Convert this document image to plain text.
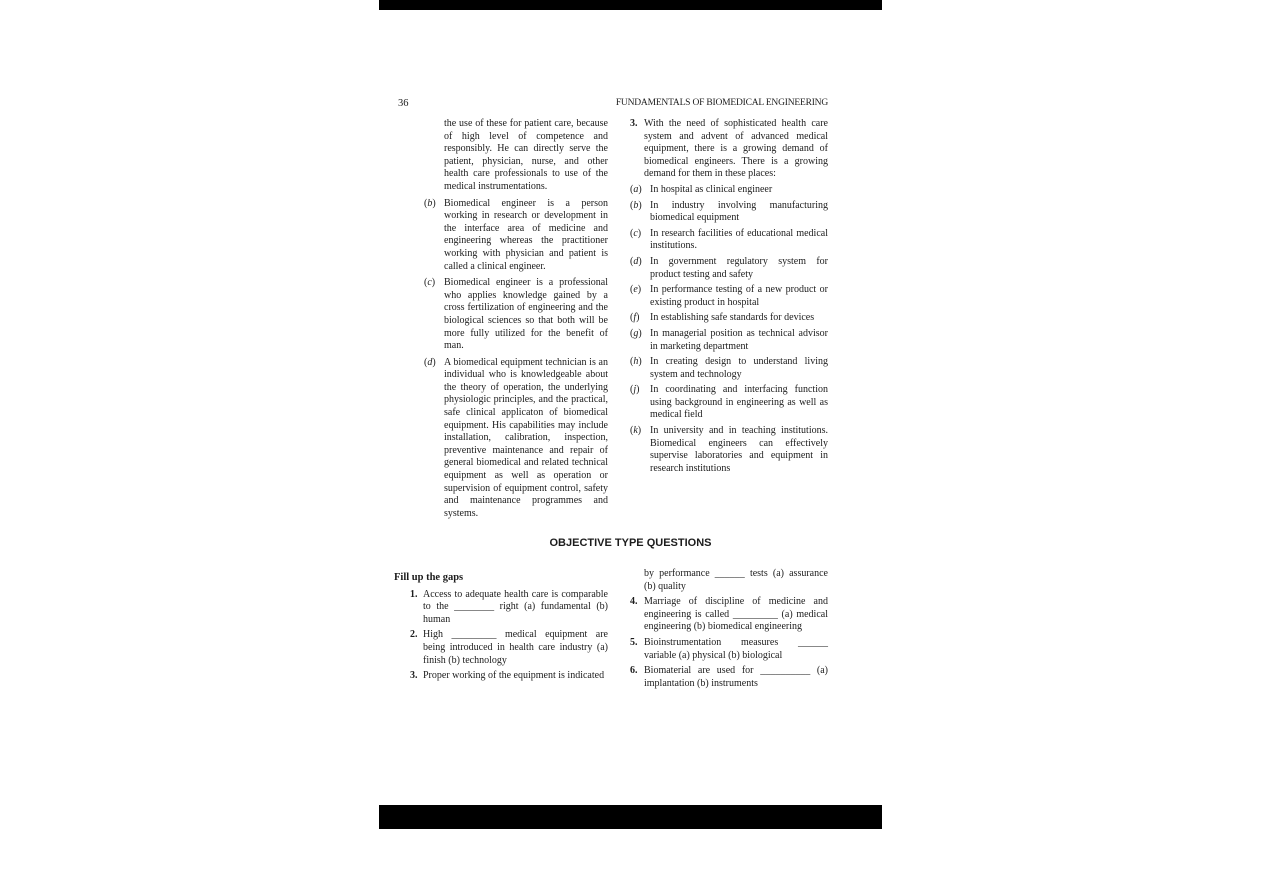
36	FUNDAMENTALS OF BIOMEDICAL ENGINEERING

the use of these for patient care, because of high level of competence and responsibly. He can directly serve the patient, physician, nurse, and other health care professionals to use of the medical instrumentations.

(b) Biomedical engineer is a person working in research or development in the interface area of medicine and engineering whereas the practitioner working with physician and patient is called a clinical engineer.
(c) Biomedical engineer is a professional who applies knowledge gained by a cross fertilization of engineering and the biological sciences so that both will be more fully utilized for the benefit of man.
(d) A biomedical equipment technician is an individual who is knowledgeable about the theory of operation, the underlying physiologic principles, and the practical, safe clinical applicaton of biomedical equipment. His capabilities may include installation, calibration, inspection, preventive maintenance and repair of general biomedical and related technical equipment as well as operation or supervision of equipment control, safety and maintenance programmes and systems.
3. With the need of sophisticated health care system and advent of advanced medical equipment, there is a growing demand of biomedical engineers. There is a growing demand for them in these places:
(a) In hospital as clinical engineer
(b) In industry involving manufacturing biomedical equipment
(c) In research facilities of educational medical institutions.
(d) In government regulatory system for product testing and safety
(e) In performance testing of a new product or existing product in hospital
(f) In establishing safe standards for devices
(g) In managerial position as technical advisor in marketing department
(h) In creating design to understand living system and technology
(j) In coordinating and interfacing function using background in engineering as well as medical field
(k) In university and in teaching institutions. Biomedical engineers can effectively supervise laboratories and equipment in research institutions
OBJECTIVE TYPE QUESTIONS
Fill up the gaps
1. Access to adequate health care is comparable to the ________ right (a) fundamental (b) human
2. High _________ medical equipment are being introduced in health care industry (a) finish (b) technology
3. Proper working of the equipment is indicated

by performance ______ tests (a) assurance (b) quality

4. Marriage of discipline of medicine and engineering is called _________ (a) medical engineering (b) biomedical engineering
5. Bioinstrumentation measures ______ variable (a) physical (b) biological
6. Biomaterial are used for __________ (a) implantation (b) instruments
